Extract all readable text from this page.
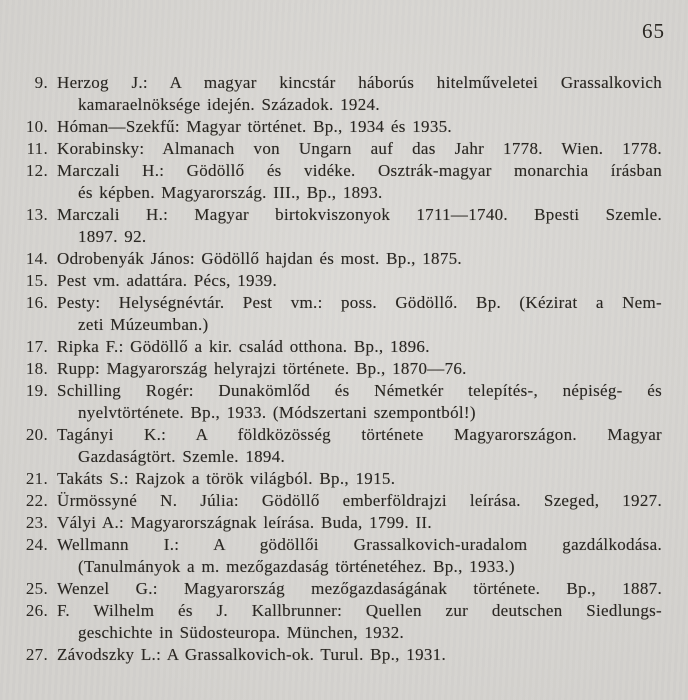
65
9. Herzog J.: A magyar kincstár háborús hitelműveletei Grassalkovich
kamaraelnöksége idején. Századok. 1924.
10. Hóman—Szekfű: Magyar történet. Bp., 1934 és 1935.
11. Korabinsky: Almanach von Ungarn auf das Jahr 1778. Wien. 1778.
12. Marczali H.: Gödöllő és vidéke. Osztrák-magyar monarchia írásban
és képben. Magyarország. III., Bp., 1893.
13. Marczali H.: Magyar birtokviszonyok 1711—1740. Bpesti Szemle.
1897. 92.
14. Odrobenyák János: Gödöllő hajdan és most. Bp., 1875.
15. Pest vm. adattára. Pécs, 1939.
16. Pesty: Helységnévtár. Pest vm.: poss. Gödöllő. Bp. (Kézirat a Nem-
zeti Múzeumban.)
17. Ripka F.: Gödöllő a kir. család otthona. Bp., 1896.
18. Rupp: Magyarország helyrajzi története. Bp., 1870—76.
19. Schilling Rogér: Dunakömlőd és Németkér telepítés-, népiség- és
nyelvtörténete. Bp., 1933. (Módszertani szempontból!)
20. Tagányi K.: A földközösség története Magyarországon. Magyar
Gazdaságtört. Szemle. 1894.
21. Takáts S.: Rajzok a török világból. Bp., 1915.
22. Ürmössyné N. Júlia: Gödöllő emberföldrajzi leírása. Szeged, 1927.
23. Vályi A.: Magyarországnak leírása. Buda, 1799. II.
24. Wellmann I.: A gödöllői Grassalkovich-uradalom gazdálkodása.
(Tanulmányok a m. mezőgazdaság történetéhez. Bp., 1933.)
25. Wenzel G.: Magyarország mezőgazdaságának története. Bp., 1887.
26. F. Wilhelm és J. Kallbrunner: Quellen zur deutschen Siedlungs-
geschichte in Südosteuropa. München, 1932.
27. Závodszky L.: A Grassalkovich-ok. Turul. Bp., 1931.
